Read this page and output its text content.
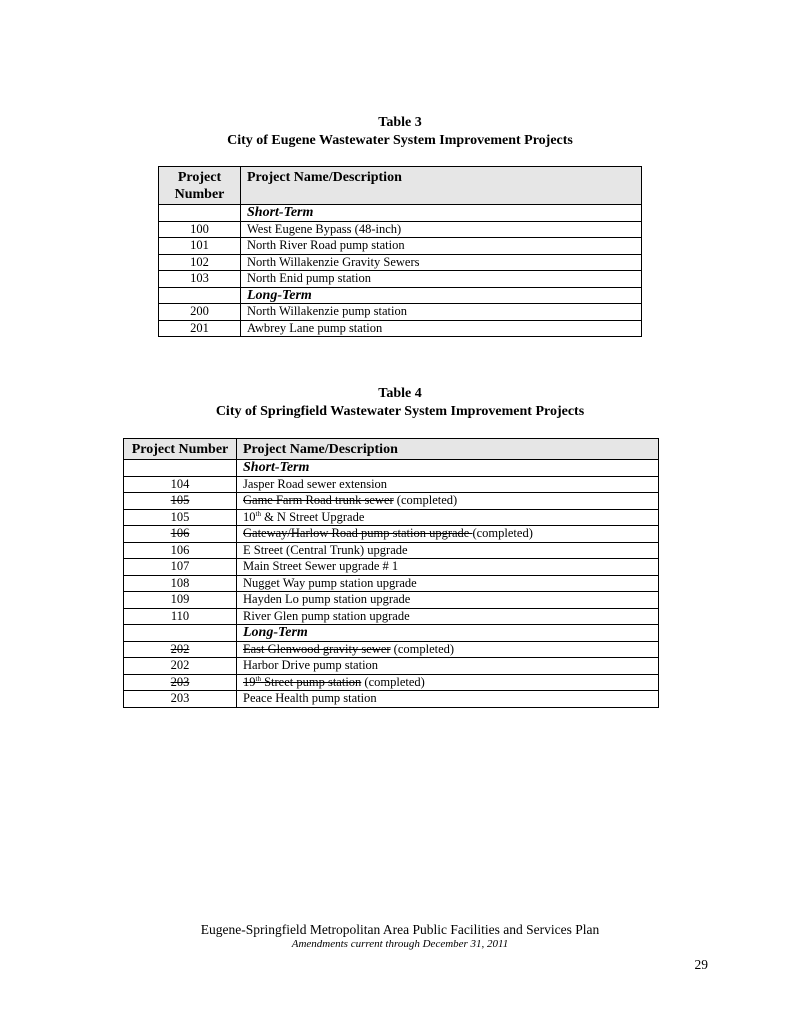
Table 3
City of Eugene Wastewater System Improvement Projects
Project Number	Project Name/Description
	Short-Term
100	West Eugene Bypass (48-inch)
101	North River Road pump station
102	North Willakenzie Gravity Sewers
103	North Enid pump station
	Long-Term
200	North Willakenzie pump station
201	Awbrey Lane pump station
Table 4
City of Springfield Wastewater System Improvement Projects
Project Number	Project Name/Description
	Short-Term
104	Jasper Road sewer extension
105	Game Farm Road trunk sewer (completed)
105	10th & N Street Upgrade
106	Gateway/Harlow Road pump station upgrade (completed)
106	E Street (Central Trunk) upgrade
107	Main Street Sewer upgrade # 1
108	Nugget Way pump station upgrade
109	Hayden Lo pump station upgrade
110	River Glen pump station upgrade
	Long-Term
202	East Glenwood gravity sewer (completed)
202	Harbor Drive pump station
203	19th Street pump station (completed)
203	Peace Health pump station
Eugene-Springfield Metropolitan Area Public Facilities and Services Plan
Amendments current through December 31, 2011
29
